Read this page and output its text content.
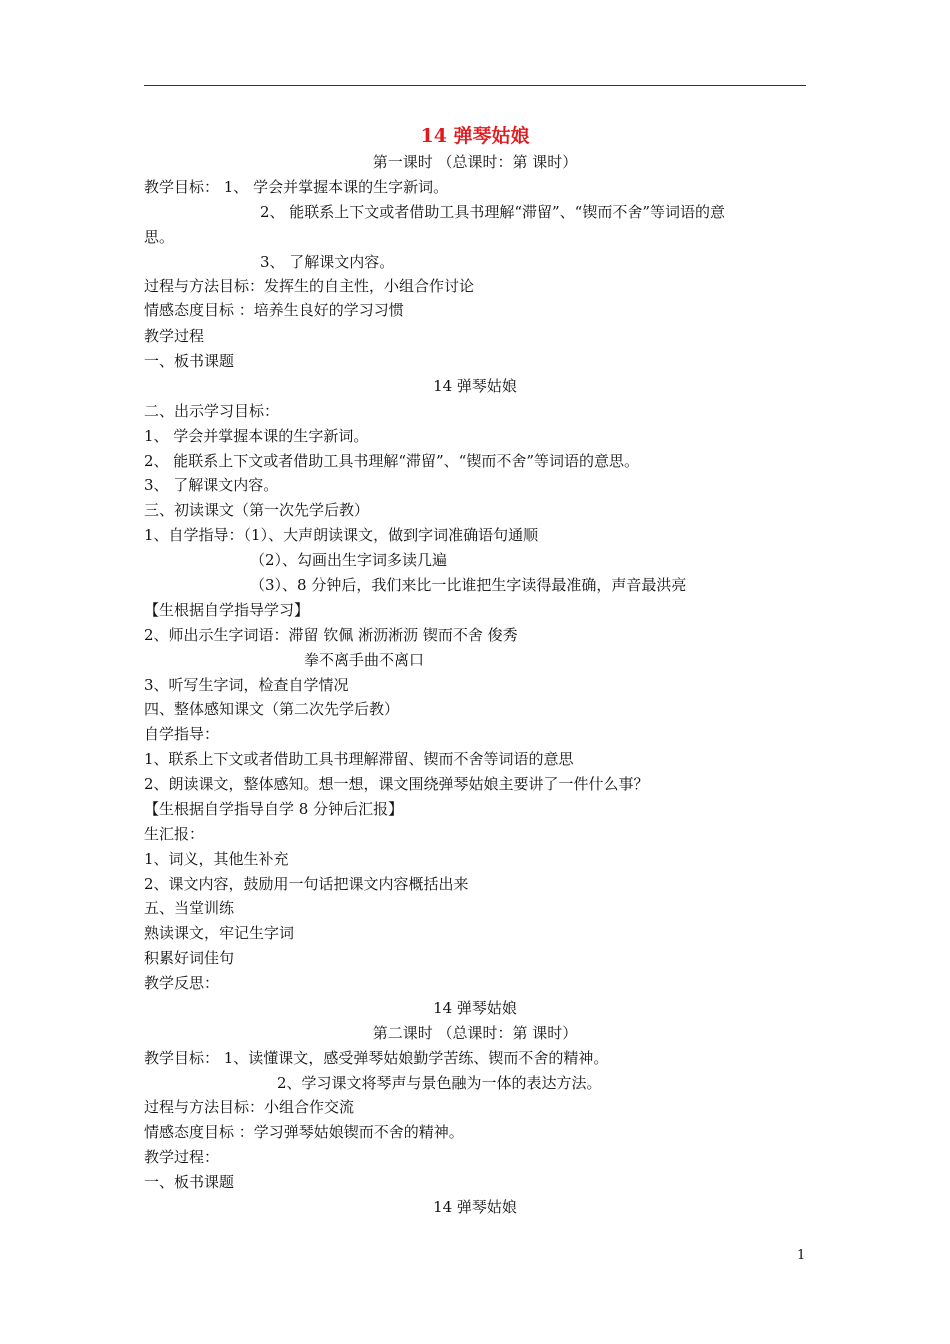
14 弹琴姑娘
第一课时 （总课时：第 课时）
教学目标： 1、 学会并掌握本课的生字新词。
2、 能联系上下文或者借助工具书理解“滞留”、“锲而不舍”等词语的意
思。
3、 了解课文内容。
过程与方法目标：发挥生的自主性，小组合作讨论
情感态度目标 ：培养生良好的学习习惯
教学过程
一、板书课题
14 弹琴姑娘
二、出示学习目标：
1、 学会并掌握本课的生字新词。
2、 能联系上下文或者借助工具书理解“滞留”、“锲而不舍”等词语的意思。
3、 了解课文内容。
三、初读课文（第一次先学后教）
1、自学指导：（1）、大声朗读课文，做到字词准确语句通顺
（2）、勾画出生字词多读几遍
（3）、8 分钟后，我们来比一比谁把生字读得最准确，声音最洪亮
【生根据自学指导学习】
2、师出示生字词语：滞留 钦佩 淅沥淅沥 锲而不舍 俊秀
拳不离手曲不离口
3、听写生字词，检查自学情况
四、整体感知课文（第二次先学后教）
自学指导：
1、联系上下文或者借助工具书理解滞留、锲而不舍等词语的意思
2、朗读课文，整体感知。想一想，课文围绕弹琴姑娘主要讲了一件什么事？
【生根据自学指导自学 8 分钟后汇报】
生汇报：
1、词义，其他生补充
2、课文内容，鼓励用一句话把课文内容概括出来
五、当堂训练
熟读课文，牢记生字词
积累好词佳句
教学反思：
14 弹琴姑娘
第二课时 （总课时：第 课时）
教学目标： 1、读懂课文，感受弹琴姑娘勤学苦练、锲而不舍的精神。
2、学习课文将琴声与景色融为一体的表达方法。
过程与方法目标：小组合作交流
情感态度目标 ：学习弹琴姑娘锲而不舍的精神。
教学过程：
一、板书课题
14 弹琴姑娘
1
